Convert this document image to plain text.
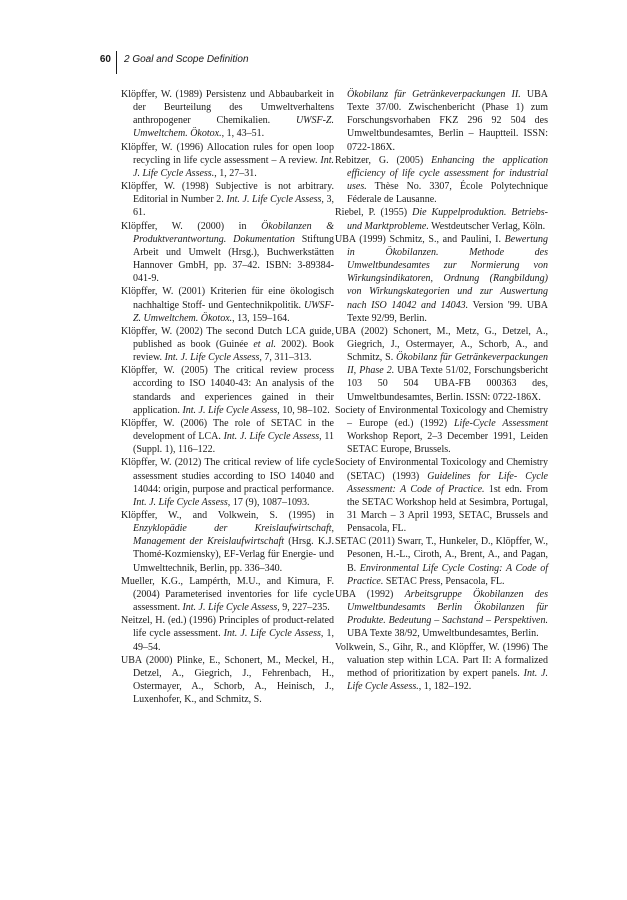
60 2 Goal and Scope Definition
Klöpffer, W. (1989) Persistenz und Abbaubarkeit in der Beurteilung des Umweltverhaltens anthropogener Chemikalien. UWSF-Z. Umweltchem. Ökotox., 1, 43–51.
Klöpffer, W. (1996) Allocation rules for open loop recycling in life cycle assessment – A review. Int. J. Life Cycle Assess., 1, 27–31.
Klöpffer, W. (1998) Subjective is not arbitrary. Editorial in Number 2. Int. J. Life Cycle Assess, 3, 61.
Klöpffer, W. (2000) in Ökobilanzen & Produktverantwortung. Dokumentation Stiftung Arbeit und Umwelt (Hrsg.), Buchwerkstätten Hannover GmbH, pp. 37–42. ISBN: 3-89384-041-9.
Klöpffer, W. (2001) Kriterien für eine ökologisch nachhaltige Stoff- und Gentechnikpolitik. UWSF- Z. Umweltchem. Ökotox., 13, 159–164.
Klöpffer, W. (2002) The second Dutch LCA guide, published as book (Guinée et al. 2002). Book review. Int. J. Life Cycle Assess, 7, 311–313.
Klöpffer, W. (2005) The critical review process according to ISO 14040-43: An analysis of the standards and experiences gained in their application. Int. J. Life Cycle Assess, 10, 98–102.
Klöpffer, W. (2006) The role of SETAC in the development of LCA. Int. J. Life Cycle Assess, 11 (Suppl. 1), 116–122.
Klöpffer, W. (2012) The critical review of life cycle assessment studies according to ISO 14040 and 14044: origin, purpose and practical performance. Int. J. Life Cycle Assess, 17 (9), 1087–1093.
Klöpffer, W., and Volkwein, S. (1995) in Enzyklopädie der Kreislaufwirtschaft, Management der Kreislaufwirtschaft (Hrsg. K.J. Thomé-Kozmiensky), EF-Verlag für Energie- und Umwelttechnik, Berlin, pp. 336–340.
Mueller, K.G., Lampérth, M.U., and Kimura, F. (2004) Parameterised inventories for life cycle assessment. Int. J. Life Cycle Assess, 9, 227–235.
Neitzel, H. (ed.) (1996) Principles of product-related life cycle assessment. Int. J. Life Cycle Assess, 1, 49–54.
UBA (2000) Plinke, E., Schonert, M., Meckel, H., Detzel, A., Giegrich, J., Fehrenbach, H., Ostermayer, A., Schorb, A., Heinisch, J., Luxenhofer, K., and Schmitz, S.
Ökobilanz für Getränkeverpackungen II. UBA Texte 37/00. Zwischenbericht (Phase 1) zum Forschungsvorhaben FKZ 296 92 504 des Umweltbundesamtes, Berlin – Hauptteil. ISSN: 0722-186X.
Rebitzer, G. (2005) Enhancing the application efficiency of life cycle assessment for industrial uses. Thèse No. 3307, École Polytechnique Féderale de Lausanne.
Riebel, P. (1955) Die Kuppelproduktion. Betriebs- und Marktprobleme. Westdeutscher Verlag, Köln.
UBA (1999) Schmitz, S., and Paulini, I. Bewertung in Ökobilanzen. Methode des Umweltbundesamtes zur Normierung von Wirkungsindikatoren, Ordnung (Rangbildung) von Wirkungskategorien und zur Auswertung nach ISO 14042 and 14043. Version '99. UBA Texte 92/99, Berlin.
UBA (2002) Schonert, M., Metz, G., Detzel, A., Giegrich, J., Ostermayer, A., Schorb, A., and Schmitz, S. Ökobilanz für Getränkeverpackungen II, Phase 2. UBA Texte 51/02, Forschungsbericht 103 50 504 UBA-FB 000363 des, Umweltbundesamtes, Berlin. ISSN: 0722-186X.
Society of Environmental Toxicology and Chemistry – Europe (ed.) (1992) Life-Cycle Assessment Workshop Report, 2–3 December 1991, Leiden SETAC Europe, Brussels.
Society of Environmental Toxicology and Chemistry (SETAC) (1993) Guidelines for Life- Cycle Assessment: A Code of Practice. 1st edn. From the SETAC Workshop held at Sesimbra, Portugal, 31 March – 3 April 1993, SETAC, Brussels and Pensacola, FL.
SETAC (2011) Swarr, T., Hunkeler, D., Klöpffer, W., Pesonen, H.-L., Ciroth, A., Brent, A., and Pagan, B. Environmental Life Cycle Costing: A Code of Practice. SETAC Press, Pensacola, FL.
UBA (1992) Arbeitsgruppe Ökobilanzen des Umweltbundesamts Berlin Ökobilanzen für Produkte. Bedeutung – Sachstand – Perspektiven. UBA Texte 38/92, Umweltbundesamtes, Berlin.
Volkwein, S., Gihr, R., and Klöpffer, W. (1996) The valuation step within LCA. Part II: A formalized method of prioritization by expert panels. Int. J. Life Cycle Assess., 1, 182–192.
